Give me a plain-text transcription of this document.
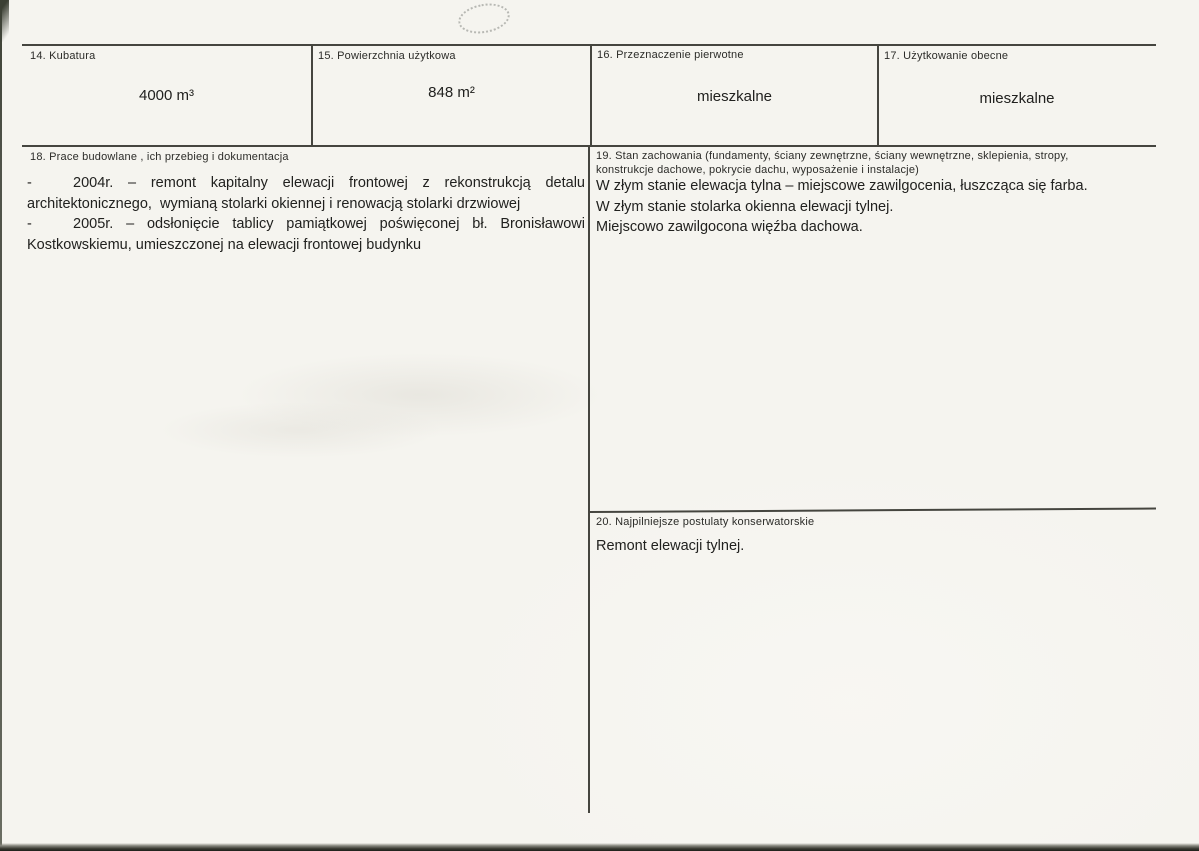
14. Kubatura
4000 m³
15. Powierzchnia użytkowa
848 m²
16. Przeznaczenie pierwotne
mieszkalne
17. Użytkowanie obecne
mieszkalne
18. Prace budowlane , ich przebieg i dokumentacja
-	2004r. – remont kapitalny elewacji frontowej z rekonstrukcją detalu
architektonicznego,  wymianą stolarki okiennej i renowacją stolarki drzwiowej
-	2005r. – odsłonięcie tablicy pamiątkowej poświęconej bł. Bronisławowi
Kostkowskiemu, umieszczonej na elewacji frontowej budynku
19. Stan zachowania (fundamenty, ściany zewnętrzne, ściany wewnętrzne, sklepienia, stropy,
konstrukcje dachowe, pokrycie dachu, wyposażenie i instalacje)
W złym stanie elewacja tylna – miejscowe zawilgocenia, łuszcząca się farba.
W złym stanie stolarka okienna elewacji tylnej.
Miejscowo zawilgocona więźba dachowa.
20. Najpilniejsze postulaty konserwatorskie
Remont elewacji tylnej.
